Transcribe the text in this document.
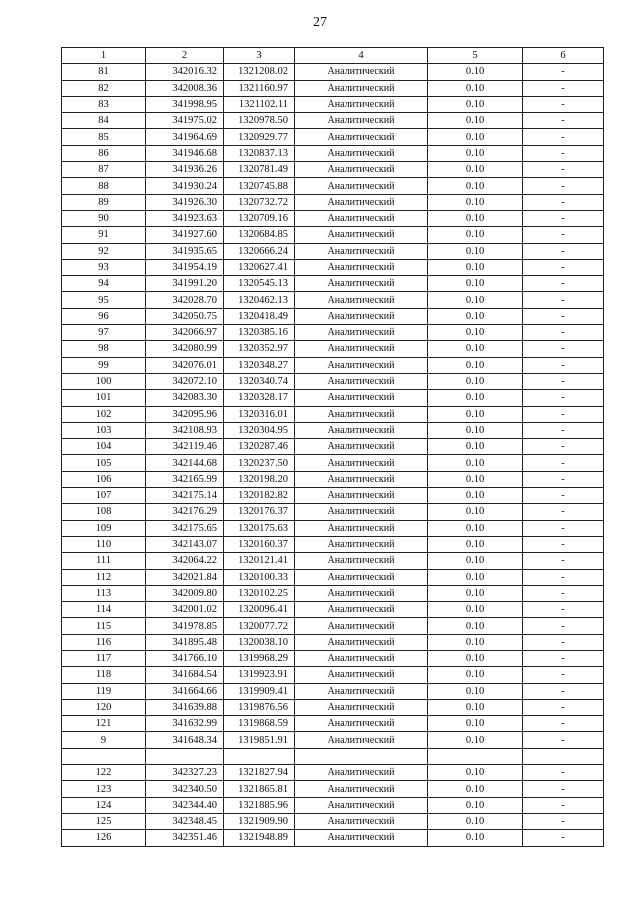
27
1	2	3	4	5	6
81	342016.32	1321208.02	Аналитический	0.10	-
82	342008.36	1321160.97	Аналитический	0.10	-
83	341998.95	1321102.11	Аналитический	0.10	-
84	341975.02	1320978.50	Аналитический	0.10	-
85	341964.69	1320929.77	Аналитический	0.10	-
86	341946.68	1320837.13	Аналитический	0.10	-
87	341936.26	1320781.49	Аналитический	0.10	-
88	341930.24	1320745.88	Аналитический	0.10	-
89	341926.30	1320732.72	Аналитический	0.10	-
90	341923.63	1320709.16	Аналитический	0.10	-
91	341927.60	1320684.85	Аналитический	0.10	-
92	341935.65	1320666.24	Аналитический	0.10	-
93	341954.19	1320627.41	Аналитический	0.10	-
94	341991.20	1320545.13	Аналитический	0.10	-
95	342028.70	1320462.13	Аналитический	0.10	-
96	342050.75	1320418.49	Аналитический	0.10	-
97	342066.97	1320385.16	Аналитический	0.10	-
98	342080.99	1320352.97	Аналитический	0.10	-
99	342076.01	1320348.27	Аналитический	0.10	-
100	342072.10	1320340.74	Аналитический	0.10	-
101	342083.30	1320328.17	Аналитический	0.10	-
102	342095.96	1320316.01	Аналитический	0.10	-
103	342108.93	1320304.95	Аналитический	0.10	-
104	342119.46	1320287.46	Аналитический	0.10	-
105	342144.68	1320237.50	Аналитический	0.10	-
106	342165.99	1320198.20	Аналитический	0.10	-
107	342175.14	1320182.82	Аналитический	0.10	-
108	342176.29	1320176.37	Аналитический	0.10	-
109	342175.65	1320175.63	Аналитический	0.10	-
110	342143.07	1320160.37	Аналитический	0.10	-
111	342064.22	1320121.41	Аналитический	0.10	-
112	342021.84	1320100.33	Аналитический	0.10	-
113	342009.80	1320102.25	Аналитический	0.10	-
114	342001.02	1320096.41	Аналитический	0.10	-
115	341978.85	1320077.72	Аналитический	0.10	-
116	341895.48	1320038.10	Аналитический	0.10	-
117	341766.10	1319968.29	Аналитический	0.10	-
118	341684.54	1319923.91	Аналитический	0.10	-
119	341664.66	1319909.41	Аналитический	0.10	-
120	341639.88	1319876.56	Аналитический	0.10	-
121	341632.99	1319868.59	Аналитический	0.10	-
9	341648.34	1319851.91	Аналитический	0.10	-

122	342327.23	1321827.94	Аналитический	0.10	-
123	342340.50	1321865.81	Аналитический	0.10	-
124	342344.40	1321885.96	Аналитический	0.10	-
125	342348.45	1321909.90	Аналитический	0.10	-
126	342351.46	1321948.89	Аналитический	0.10	-
